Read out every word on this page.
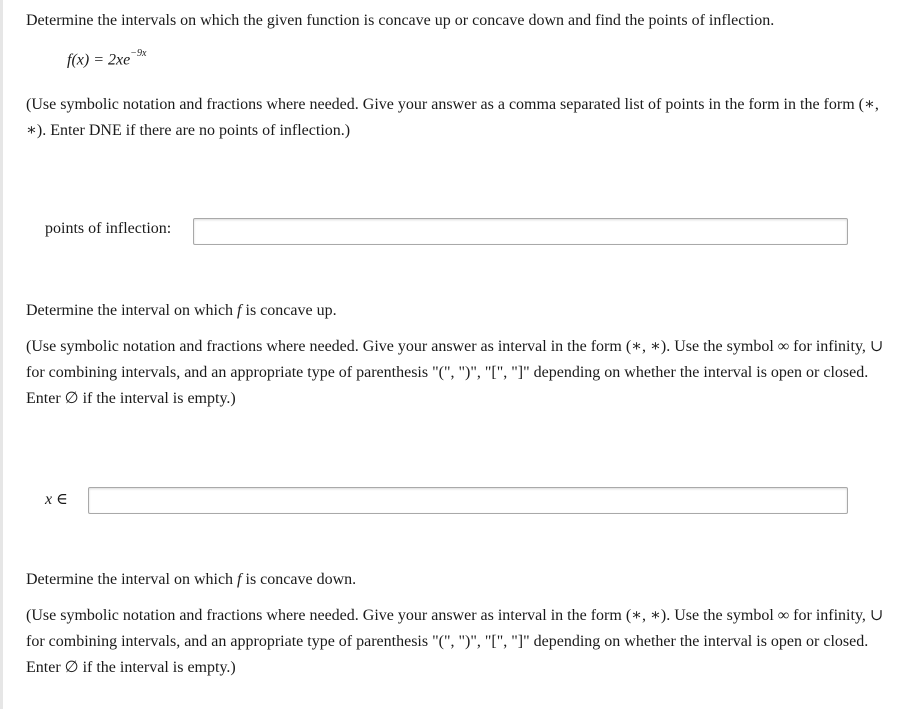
Determine the intervals on which the given function is concave up or concave down and find the points of inflection.
$f(x) = 2xe^{-9x}$
(Use symbolic notation and fractions where needed. Give your answer as a comma separated list of points in the form in the form (∗, ∗). Enter DNE if there are no points of inflection.)
points of inflection:
Determine the interval on which f is concave up.
(Use symbolic notation and fractions where needed. Give your answer as interval in the form (∗, ∗). Use the symbol ∞ for infinity, ∪ for combining intervals, and an appropriate type of parenthesis "(", ")", "[", "]" depending on whether the interval is open or closed. Enter ∅ if the interval is empty.)
x ∈
Determine the interval on which f is concave down.
(Use symbolic notation and fractions where needed. Give your answer as interval in the form (∗, ∗). Use the symbol ∞ for infinity, ∪ for combining intervals, and an appropriate type of parenthesis "(", ")", "[", "]" depending on whether the interval is open or closed. Enter ∅ if the interval is empty.)
